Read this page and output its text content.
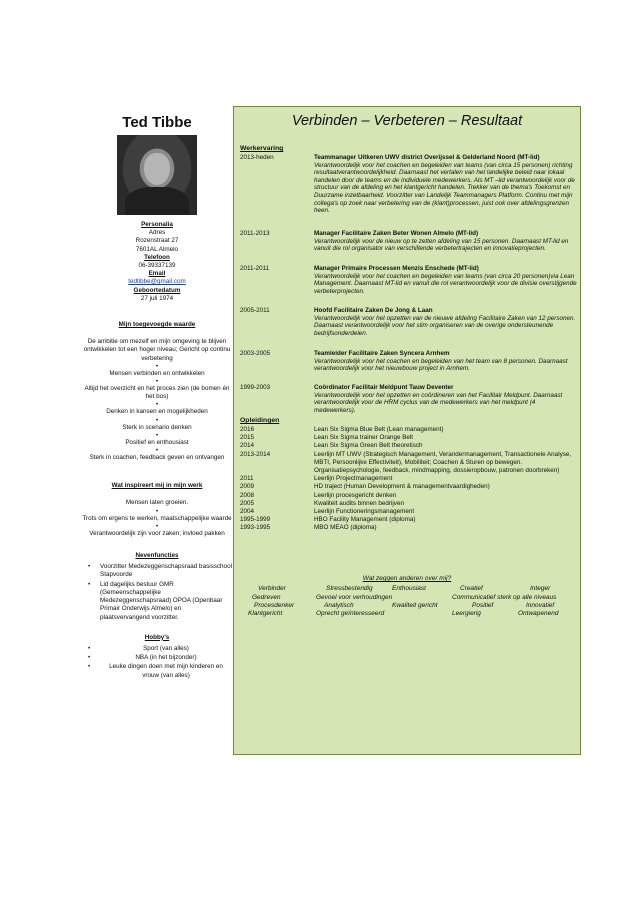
Ted Tibbe
Personalia
Adres
Rozenstraat 27
7601AL Almelo
Telefoon
06-39337139
Email
tedtibbe@gmail.com
Geboortedatum
27 juli 1974
Mijn toegevoegde waarde
De ambitie om mezelf en mijn omgeving te blijven ontwikkelen tot een hoger niveau; Gericht op continu verbetering
•
Mensen verbinden en ontwikkelen
•
Altijd het overzicht en het proces zien (de bomen én het bos)
•
Denken in kansen en mogelijkheden
•
Sterk in scenario denken
•
Positief en enthousiast
•
Sterk in coachen, feedback geven en ontvangen
Wat inspireert mij in mijn werk
Mensen laten groeien.
•
Trots om ergens te werken, maatschappelijke waarde
•
Verantwoordelijk zijn voor zaken; invloed pakken
Nevenfuncties
• Voorzitter Medezeggenschapsraad basisschool Stapvoorde
• Lid dagelijks bestuur GMR (Gemeenschappelijke Medezeggenschapsraad) OPOA (Openbaar Primair Onderwijs Almelo) en plaatsvervangend voorzitter.
Hobby's
• Sport (van alles)
• NBA (in het bijzonder)
• Leuke dingen doen met mijn kinderen en vrouw (van alles)
Verbinden – Verbeteren – Resultaat
Werkervaring
2013-heden	Teammanager Uitkeren UWV district Overijssel & Gelderland Noord (MT-lid)
Verantwoordelijk voor het coachen en begeleiden van teams (van circa 15 personen) richting resultaatverantwoordelijkheid. Daarnaast het vertalen van het landelijke beleid naar lokaal handelen door de teams en de individuele medewerkers. Als MT –lid verantwoordelijk voor de structuur van de afdeling en het klantgericht handelen. Trekker van de thema's Toekomst en Duurzame inzetbaarheid. Voorzitter van Landelijk Teammanagers Platform. Continu met mijn collega's op zoek naar verbetering van de (klant)processen, juist ook over afdelingsgrenzen heen.
2011-2013	Manager Facilitaire Zaken Beter Wonen Almelo (MT-lid)
Verantwoordelijk voor de nieuw op te zetten afdeling van 15 personen. Daarnaast MT-lid en vanuit die rol organisator van verschillende verbetertrajecten en innovatieprojecten.
2011-2011	Manager Primaire Processen Menzis Enschede (MT-lid)
Verantwoordelijk voor het coachen en begeleiden van teams (van circa 20 personen)via Lean Management. Daarnaast MT-lid en vanuit die rol verantwoordelijk voor de divisie overstijgende verbeterprojecten.
2005-2011	Hoofd Facilitaire Zaken De Jong & Laan
Verantwoordelijk voor het opzetten van de nieuwe afdeling Facilitaire Zaken van 12 personen. Daarnaast verantwoordelijk voor het slim organiseren van de overige ondersteunende bedrijfsonderdelen.
2003-2005	Teamleider Facilitaire Zaken Syncera Arnhem
Verantwoordelijk voor het coachen en begeleiden van het team van 8 personen. Daarnaast verantwoordelijk voor het nieuwbouw project in Arnhem.
1999-2003	Coördinator Facilitair Meldpunt Tauw Deventer
Verantwoordelijk voor het opzetten en coördineren van het Facilitair Meldpunt. Daarnaast verantwoordelijk voor de HRM cyclus van de medewerkers van het meldpunt (4 medewerkers).
Opleidingen
2016	Lean Six Sigma Blue Belt (Lean management)
2015	Lean Six Sigma trainer Orange Belt
2014	Lean Six Sigma Green Belt theoretisch
2013-2014	Leerlijn MT UWV (Strategisch Management, Verandermanagement, Transactionele Analyse, MBTI, Persoonlijke Effectiviteit), Mobiliteit; Coachen & Sturen op bewegen. Organisatiepsychologie, feedback, mindmapping, dossieropbouw, patronen doorbreken)
2011	Leerlijn Projectmanagement
2009	HD traject (Human Development & managementvaardigheden)
2008	Leerlijn procesgericht denken
2005	Kwaliteit audits binnen bedrijven
2004	Leerlijn Functioneringsmanagement
1995-1999	HBO Facility Management (diploma)
1993-1995	MBO MEAO (diploma)
Wat zeggen anderen over mij?
Verbinder	Stressbestendig	Enthousiast	Creatief	Integer
Gedreven	Gevoel voor verhoudingen	Communicatief sterk op alle niveaus
Procesdenker	Analytisch	Kwaliteit gericht	Positief	Innovatief
Klantgericht	Oprecht geïnteresseerd	Leergierig	Ontwapenend
